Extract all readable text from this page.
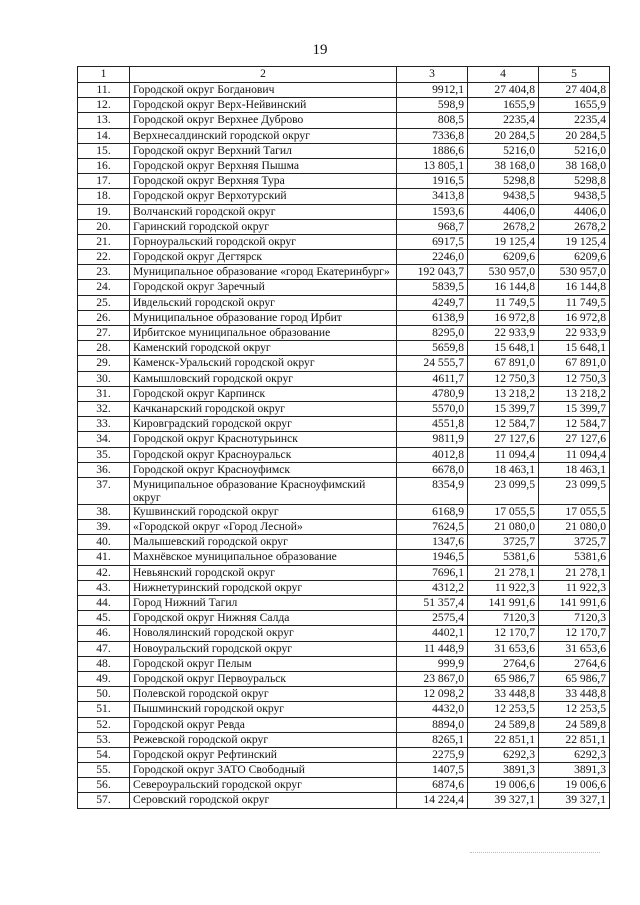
19
1	2	3	4	5
11.	Городской округ Богданович	9912,1	27 404,8	27 404,8
12.	Городской округ Верх-Нейвинский	598,9	1655,9	1655,9
13.	Городской округ Верхнее Дуброво	808,5	2235,4	2235,4
14.	Верхнесалдинский городской округ	7336,8	20 284,5	20 284,5
15.	Городской округ Верхний Тагил	1886,6	5216,0	5216,0
16.	Городской округ Верхняя Пышма	13 805,1	38 168,0	38 168,0
17.	Городской округ Верхняя Тура	1916,5	5298,8	5298,8
18.	Городской округ Верхотурский	3413,8	9438,5	9438,5
19.	Волчанский городской округ	1593,6	4406,0	4406,0
20.	Гаринский городской округ	968,7	2678,2	2678,2
21.	Горноуральский городской округ	6917,5	19 125,4	19 125,4
22.	Городской округ Дегтярск	2246,0	6209,6	6209,6
23.	Муниципальное образование «город Екатеринбург»	192 043,7	530 957,0	530 957,0
24.	Городской округ Заречный	5839,5	16 144,8	16 144,8
25.	Ивдельский городской округ	4249,7	11 749,5	11 749,5
26.	Муниципальное образование город Ирбит	6138,9	16 972,8	16 972,8
27.	Ирбитское муниципальное образование	8295,0	22 933,9	22 933,9
28.	Каменский городской округ	5659,8	15 648,1	15 648,1
29.	Каменск-Уральский городской округ	24 555,7	67 891,0	67 891,0
30.	Камышловский городской округ	4611,7	12 750,3	12 750,3
31.	Городской округ Карпинск	4780,9	13 218,2	13 218,2
32.	Качканарский городской округ	5570,0	15 399,7	15 399,7
33.	Кировградский городской округ	4551,8	12 584,7	12 584,7
34.	Городской округ Краснотурьинск	9811,9	27 127,6	27 127,6
35.	Городской округ Красноуральск	4012,8	11 094,4	11 094,4
36.	Городской округ Красноуфимск	6678,0	18 463,1	18 463,1
37.	Муниципальное образование Красноуфимский округ	8354,9	23 099,5	23 099,5
38.	Кушвинский городской округ	6168,9	17 055,5	17 055,5
39.	«Городской округ «Город Лесной»	7624,5	21 080,0	21 080,0
40.	Малышевский городской округ	1347,6	3725,7	3725,7
41.	Махнёвское муниципальное образование	1946,5	5381,6	5381,6
42.	Невьянский городской округ	7696,1	21 278,1	21 278,1
43.	Нижнетуринский городской округ	4312,2	11 922,3	11 922,3
44.	Город Нижний Тагил	51 357,4	141 991,6	141 991,6
45.	Городской округ Нижняя Салда	2575,4	7120,3	7120,3
46.	Новолялинский городской округ	4402,1	12 170,7	12 170,7
47.	Новоуральский городской округ	11 448,9	31 653,6	31 653,6
48.	Городской округ Пелым	999,9	2764,6	2764,6
49.	Городской округ Первоуральск	23 867,0	65 986,7	65 986,7
50.	Полевской городской округ	12 098,2	33 448,8	33 448,8
51.	Пышминский городской округ	4432,0	12 253,5	12 253,5
52.	Городской округ Ревда	8894,0	24 589,8	24 589,8
53.	Режевской городской округ	8265,1	22 851,1	22 851,1
54.	Городской округ Рефтинский	2275,9	6292,3	6292,3
55.	Городской округ ЗАТО Свободный	1407,5	3891,3	3891,3
56.	Североуральский городской округ	6874,6	19 006,6	19 006,6
57.	Серовский городской округ	14 224,4	39 327,1	39 327,1
